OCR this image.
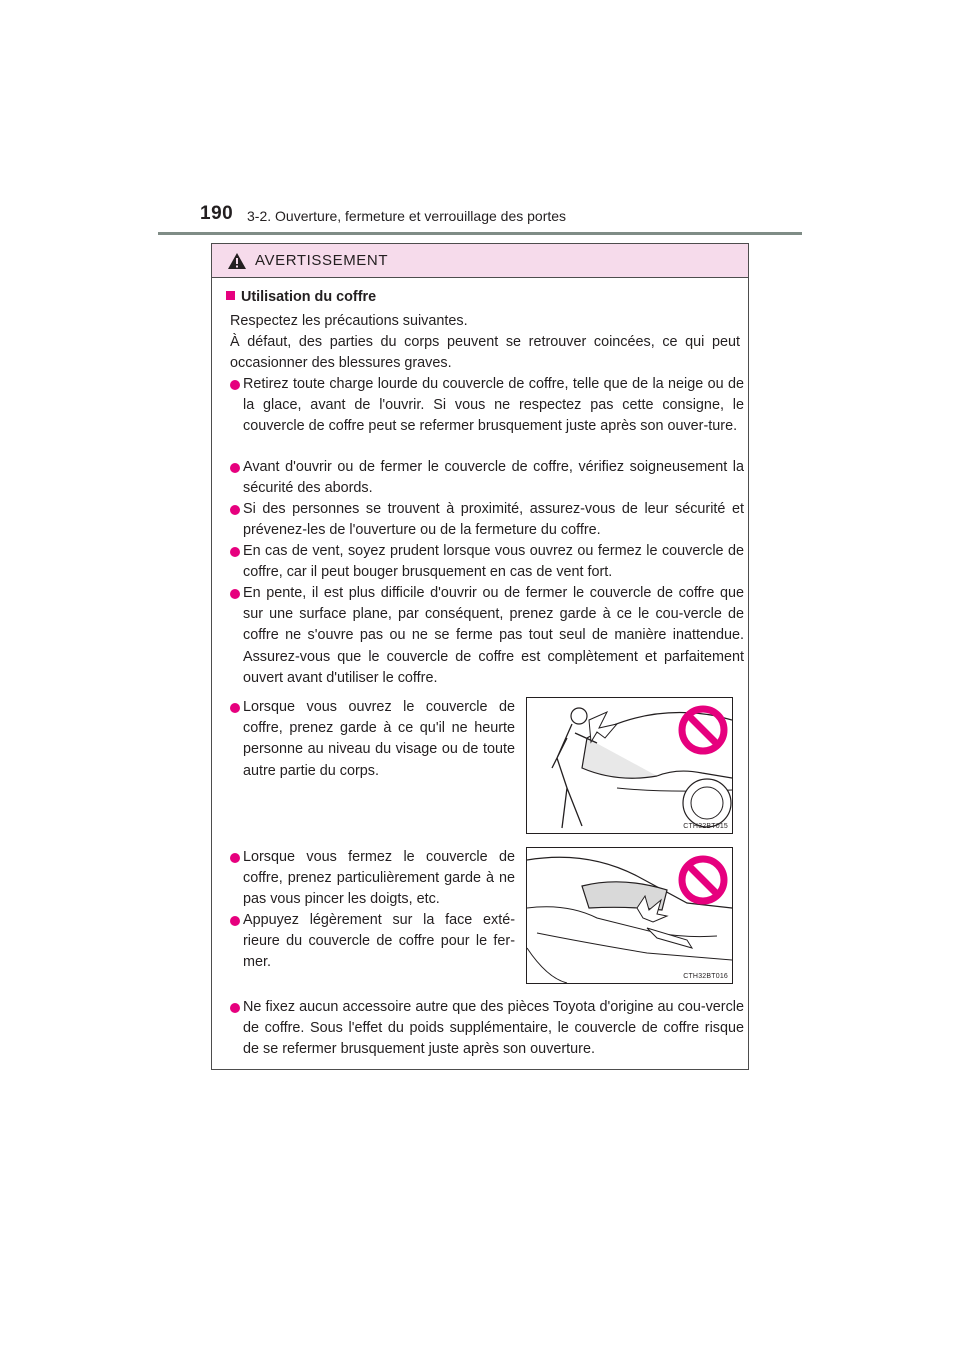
190 3-2. Ouverture, fermeture et verrouillage des portes
AVERTISSEMENT
Utilisation du coffre
Respectez les précautions suivantes.
À défaut, des parties du corps peuvent se retrouver coincées, ce qui peut occasionner des blessures graves.
Retirez toute charge lourde du couvercle de coffre, telle que de la neige ou de la glace, avant de l'ouvrir. Si vous ne respectez pas cette consigne, le couvercle de coffre peut se refermer brusquement juste après son ouver-ture.
Avant d'ouvrir ou de fermer le couvercle de coffre, vérifiez soigneusement la sécurité des abords.
Si des personnes se trouvent à proximité, assurez-vous de leur sécurité et prévenez-les de l'ouverture ou de la fermeture du coffre.
En cas de vent, soyez prudent lorsque vous ouvrez ou fermez le couvercle de coffre, car il peut bouger brusquement en cas de vent fort.
En pente, il est plus difficile d'ouvrir ou de fermer le couvercle de coffre que sur une surface plane, par conséquent, prenez garde à ce le cou-vercle de coffre ne s'ouvre pas ou ne se ferme pas tout seul de manière inattendue. Assurez-vous que le couvercle de coffre est complètement et parfaitement ouvert avant d'utiliser le coffre.
Lorsque vous ouvrez le couvercle de coffre, prenez garde à ce qu'il ne heurte personne au niveau du visage ou de toute autre partie du corps.
CTH32BT015
Lorsque vous fermez le couvercle de coffre, prenez particulièrement garde à ne pas vous pincer les doigts, etc.
Appuyez légèrement sur la face exté-rieure du couvercle de coffre pour le fer-mer.
CTH32BT016
Ne fixez aucun accessoire autre que des pièces Toyota d'origine au cou-vercle de coffre. Sous l'effet du poids supplémentaire, le couvercle de coffre risque de se refermer brusquement juste après son ouverture.
